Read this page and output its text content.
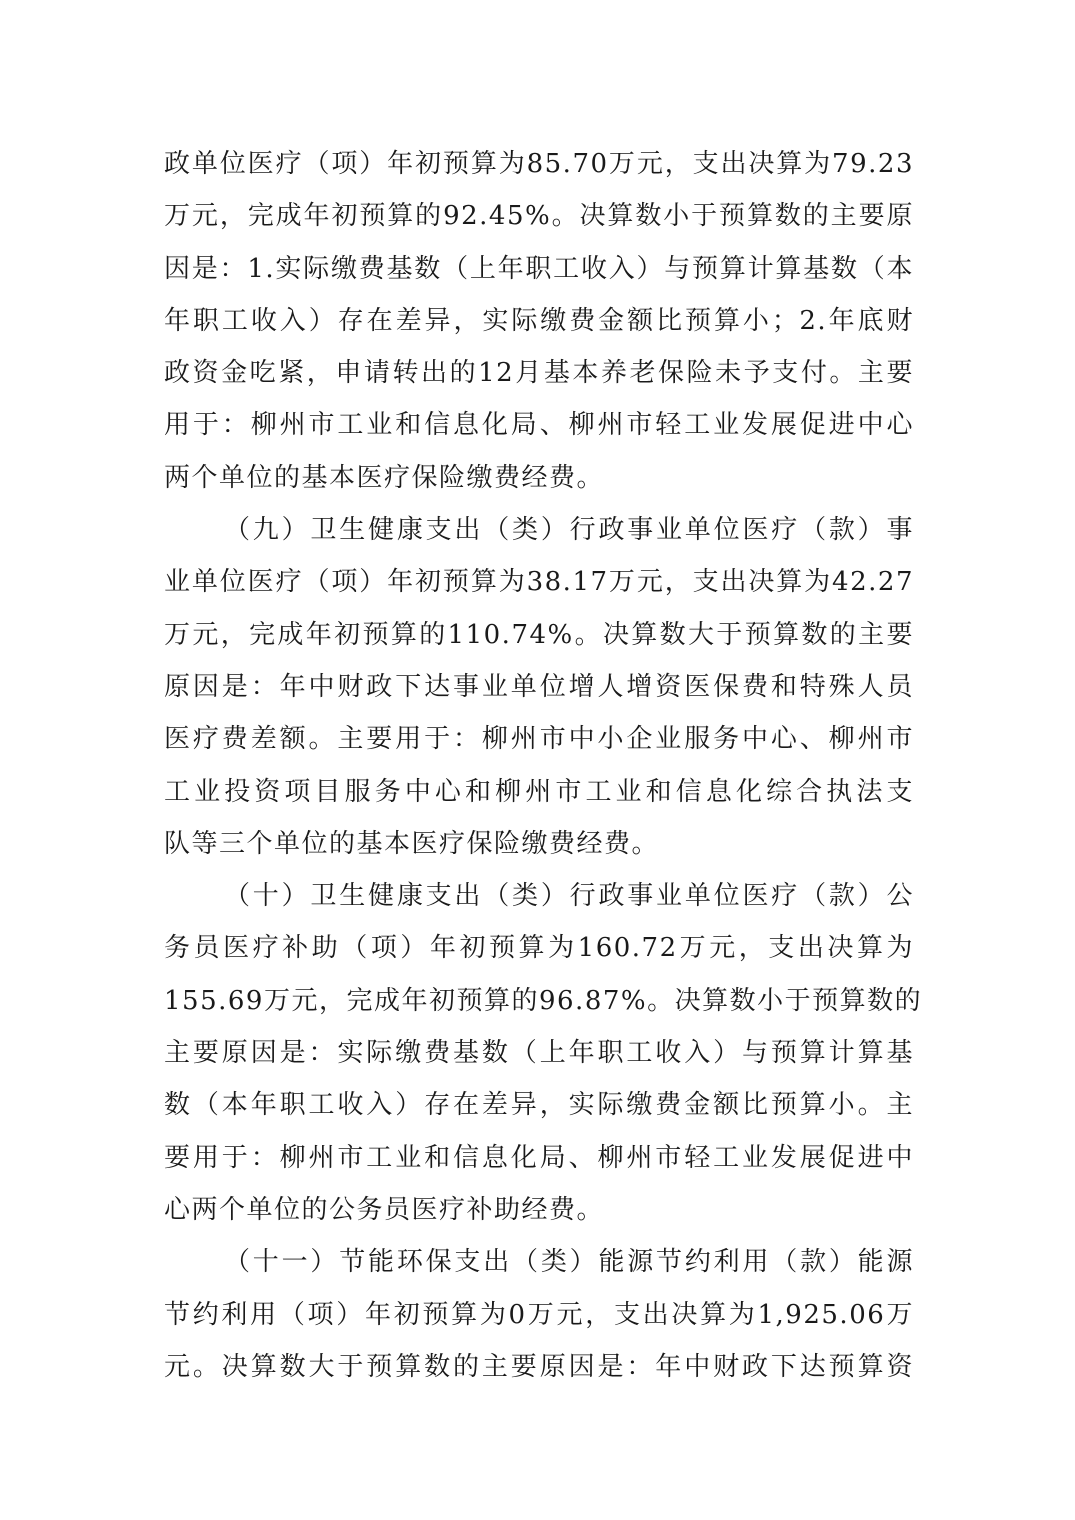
政单位医疗（项）年初预算为85.70万元，支出决算为79.23
万元，完成年初预算的92.45%。决算数小于预算数的主要原
因是：1.实际缴费基数（上年职工收入）与预算计算基数（本
年职工收入）存在差异，实际缴费金额比预算小；2.年底财
政资金吃紧，申请转出的12月基本养老保险未予支付。主要
用于：柳州市工业和信息化局、柳州市轻工业发展促进中心
两个单位的基本医疗保险缴费经费。
（九）卫生健康支出（类）行政事业单位医疗（款）事
业单位医疗（项）年初预算为38.17万元，支出决算为42.27
万元，完成年初预算的110.74%。决算数大于预算数的主要
原因是：年中财政下达事业单位增人增资医保费和特殊人员
医疗费差额。主要用于：柳州市中小企业服务中心、柳州市
工业投资项目服务中心和柳州市工业和信息化综合执法支
队等三个单位的基本医疗保险缴费经费。
（十）卫生健康支出（类）行政事业单位医疗（款）公
务员医疗补助（项）年初预算为160.72万元，支出决算为
155.69万元，完成年初预算的96.87%。决算数小于预算数的
主要原因是：实际缴费基数（上年职工收入）与预算计算基
数（本年职工收入）存在差异，实际缴费金额比预算小。主
要用于：柳州市工业和信息化局、柳州市轻工业发展促进中
心两个单位的公务员医疗补助经费。
（十一）节能环保支出（类）能源节约利用（款）能源
节约利用（项）年初预算为0万元，支出决算为1,925.06万
元。决算数大于预算数的主要原因是：年中财政下达预算资
